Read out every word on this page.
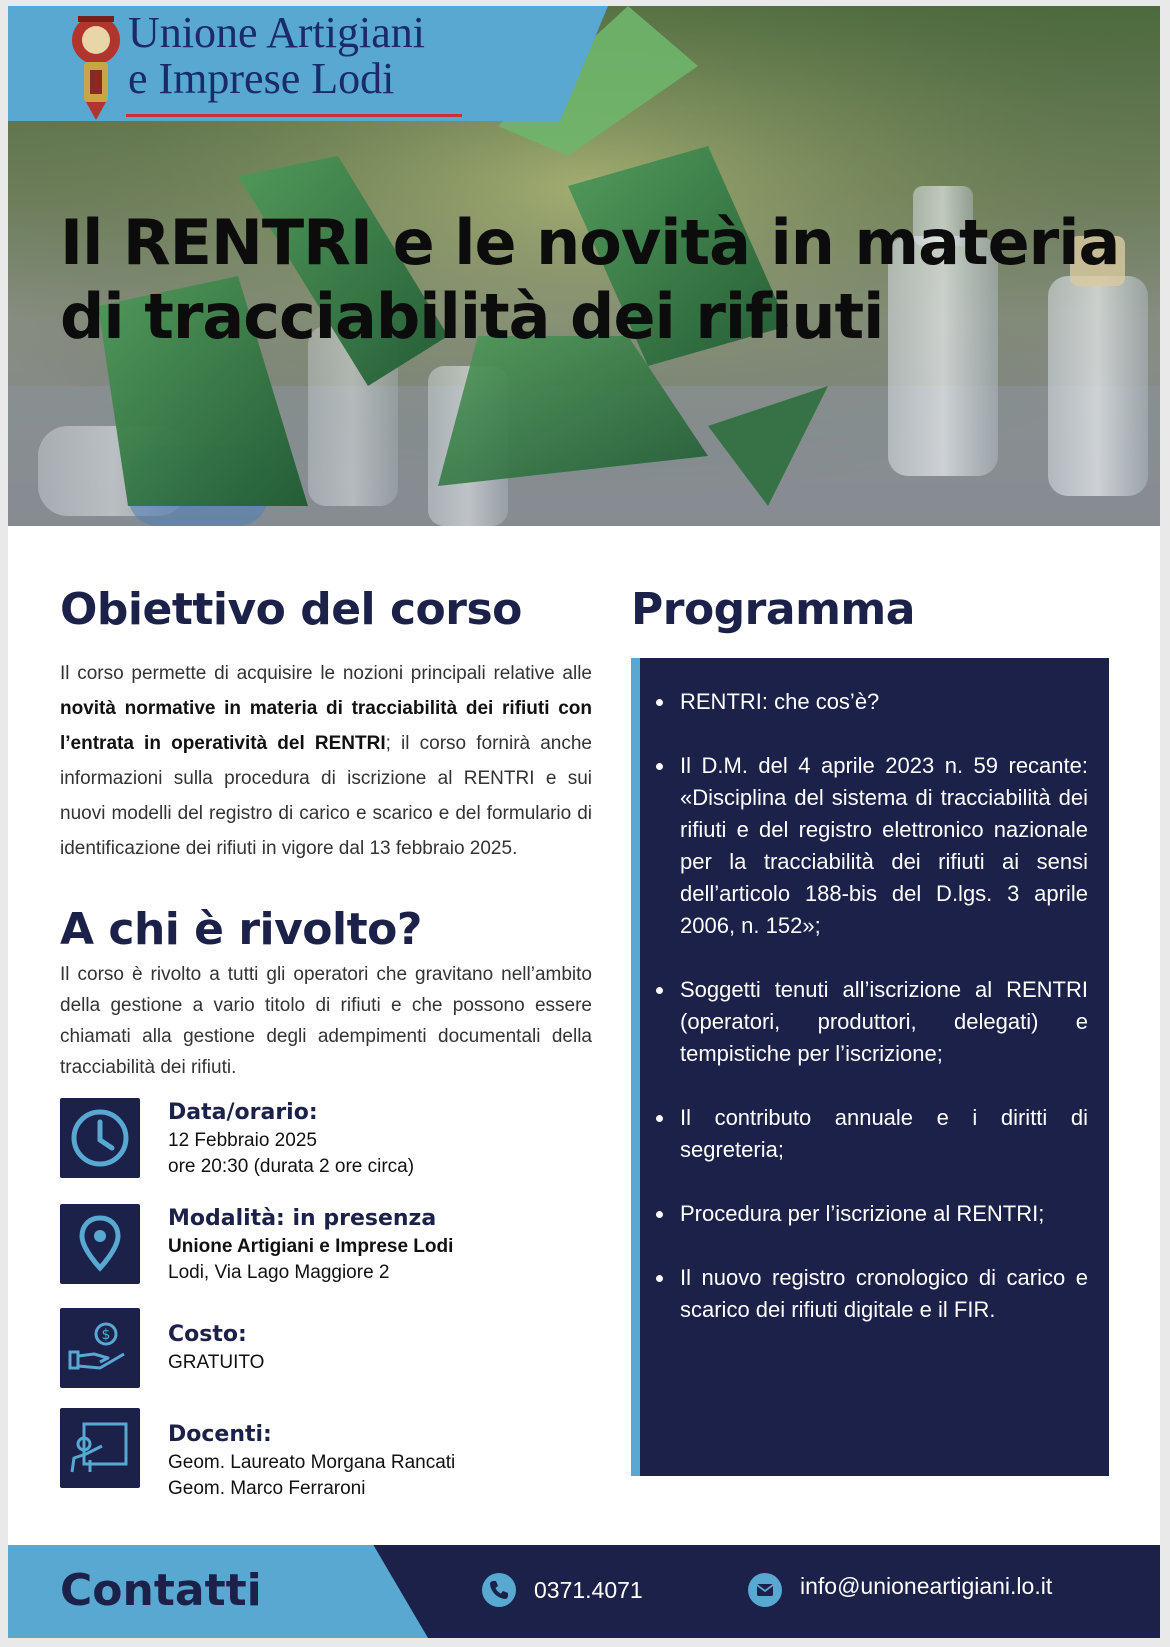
Unione Artigiani
e Imprese Lodi
Il RENTRI e le novità in materia
di tracciabilità dei rifiuti
Obiettivo del corso
Il corso permette di acquisire le nozioni principali relative alle novità normative in materia di tracciabilità dei rifiuti con l’entrata in operatività del RENTRI; il corso fornirà anche informazioni sulla procedura di iscrizione al RENTRI e sui nuovi modelli del registro di carico e scarico e del formulario di identificazione dei rifiuti in vigore dal 13 febbraio 2025.
A chi è rivolto?
Il corso è rivolto a tutti gli operatori che gravitano nell’ambito della gestione a vario titolo di rifiuti e che possono essere chiamati alla gestione degli adempimenti documentali della tracciabilità dei rifiuti.
Data/orario:
12 Febbraio 2025
ore 20:30 (durata 2 ore circa)
Modalità: in presenza
Unione Artigiani e Imprese Lodi
Lodi, Via Lago Maggiore 2
$	Costo:
GRATUITO
Docenti:
Geom. Laureato Morgana Rancati
Geom. Marco Ferraroni
Programma
RENTRI: che cos’è?
Il D.M. del 4 aprile 2023 n. 59 recante: «Disciplina del sistema di tracciabilità dei rifiuti e del registro elettronico nazionale per la tracciabilità dei rifiuti ai sensi dell’articolo 188-bis del D.lgs. 3 aprile 2006, n. 152»;
Soggetti tenuti all’iscrizione al RENTRI (operatori, produttori, delegati) e tempistiche per l’iscrizione;
Il contributo annuale e i diritti di segreteria;
Procedura per l’iscrizione al RENTRI;
Il nuovo registro cronologico di carico e scarico dei rifiuti digitale e il FIR.
Contatti	0371.4071	info@unioneartigiani.lo.it
